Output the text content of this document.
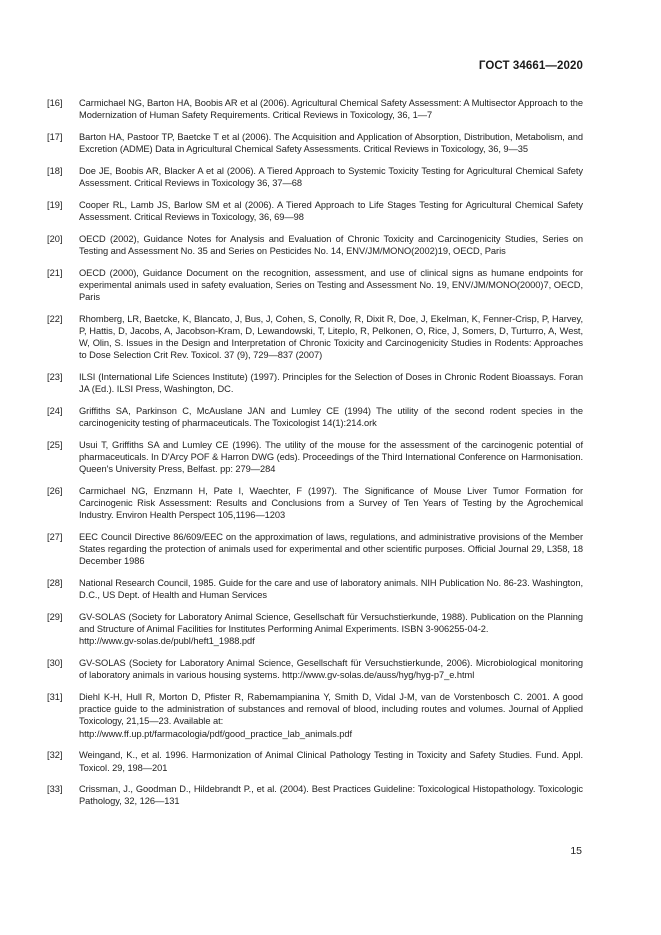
ГОСТ 34661—2020
[16]	Carmichael NG, Barton HA, Boobis AR et al (2006). Agricultural Chemical Safety Assessment: A Multisector Approach to the Modernization of Human Safety Requirements. Critical Reviews in Toxicology, 36, 1—7
[17]	Barton HA, Pastoor TP, Baetcke T et al (2006). The Acquisition and Application of Absorption, Distribution, Metabolism, and Excretion (ADME) Data in Agricultural Chemical Safety Assessments. Critical Reviews in Toxicology, 36, 9—35
[18]	Doe JE, Boobis AR, Blacker A et al (2006). A Tiered Approach to Systemic Toxicity Testing for Agricultural Chemical Safety Assessment. Critical Reviews in Toxicology 36, 37—68
[19]	Cooper RL, Lamb JS, Barlow SM et al (2006). A Tiered Approach to Life Stages Testing for Agricultural Chemical Safety Assessment. Critical Reviews in Toxicology, 36, 69—98
[20]	OECD (2002), Guidance Notes for Analysis and Evaluation of Chronic Toxicity and Carcinogenicity Studies, Series on Testing and Assessment No. 35 and Series on Pesticides No. 14, ENV/JM/MONO(2002)19, OECD, Paris
[21]	OECD (2000), Guidance Document on the recognition, assessment, and use of clinical signs as humane endpoints for experimental animals used in safety evaluation, Series on Testing and Assessment No. 19, ENV/JM/MONO(2000)7, OECD, Paris
[22]	Rhomberg, LR, Baetcke, K, Blancato, J, Bus, J, Cohen, S, Conolly, R, Dixit R, Doe, J, Ekelman, K, Fenner-Crisp, P, Harvey, P, Hattis, D, Jacobs, A, Jacobson-Kram, D, Lewandowski, T, Liteplo, R, Pelkonen, O, Rice, J, Somers, D, Turturro, A, West, W, Olin, S. Issues in the Design and Interpretation of Chronic Toxicity and Carcinogenicity Studies in Rodents: Approaches to Dose Selection Crit Rev. Toxicol. 37 (9), 729—837 (2007)
[23]	ILSI (International Life Sciences Institute) (1997). Principles for the Selection of Doses in Chronic Rodent Bioassays. Foran JA (Ed.). ILSI Press, Washington, DC.
[24]	Griffiths SA, Parkinson C, McAuslane JAN and Lumley CE (1994) The utility of the second rodent species in the carcinogenicity testing of pharmaceuticals. The Toxicologist 14(1):214.ork
[25]	Usui T, Griffiths SA and Lumley CE (1996). The utility of the mouse for the assessment of the carcinogenic potential of pharmaceuticals. In D'Arcy POF & Harron DWG (eds). Proceedings of the Third International Conference on Harmonisation. Queen's University Press, Belfast. pp: 279—284
[26]	Carmichael NG, Enzmann H, Pate I, Waechter, F (1997). The Significance of Mouse Liver Tumor Formation for Carcinogenic Risk Assessment: Results and Conclusions from a Survey of Ten Years of Testing by the Agrochemical Industry. Environ Health Perspect 105,1196—1203
[27]	EEC Council Directive 86/609/EEC on the approximation of laws, regulations, and administrative provisions of the Member States regarding the protection of animals used for experimental and other scientific purposes. Official Journal 29, L358, 18 December 1986
[28]	National Research Council, 1985. Guide for the care and use of laboratory animals. NIH Publication No. 86-23. Washington, D.C., US Dept. of Health and Human Services
[29]	GV-SOLAS (Society for Laboratory Animal Science, Gesellschaft für Versuchstierkunde, 1988). Publication on the Planning and Structure of Animal Facilities for Institutes Performing Animal Experiments. ISBN 3-906255-04-2.
http://www.gv-solas.de/publ/heft1_1988.pdf
[30]	GV-SOLAS (Society for Laboratory Animal Science, Gesellschaft für Versuchstierkunde, 2006). Microbiological monitoring of laboratory animals in various housing systems. http://www.gv-solas.de/auss/hyg/hyg-p7_e.html
[31]	Diehl K-H, Hull R, Morton D, Pfister R, Rabemampianina Y, Smith D, Vidal J-M, van de Vorstenbosch C. 2001. A good practice guide to the administration of substances and removal of blood, including routes and volumes. Journal of Applied Toxicology, 21,15—23. Available at:
http://www.ff.up.pt/farmacologia/pdf/good_practice_lab_animals.pdf
[32]	Weingand, K., et al. 1996. Harmonization of Animal Clinical Pathology Testing in Toxicity and Safety Studies. Fund. Appl. Toxicol. 29, 198—201
[33]	Crissman, J., Goodman D., Hildebrandt P., et al. (2004). Best Practices Guideline: Toxicological Histopathology. Toxicologic Pathology, 32, 126—131
15
